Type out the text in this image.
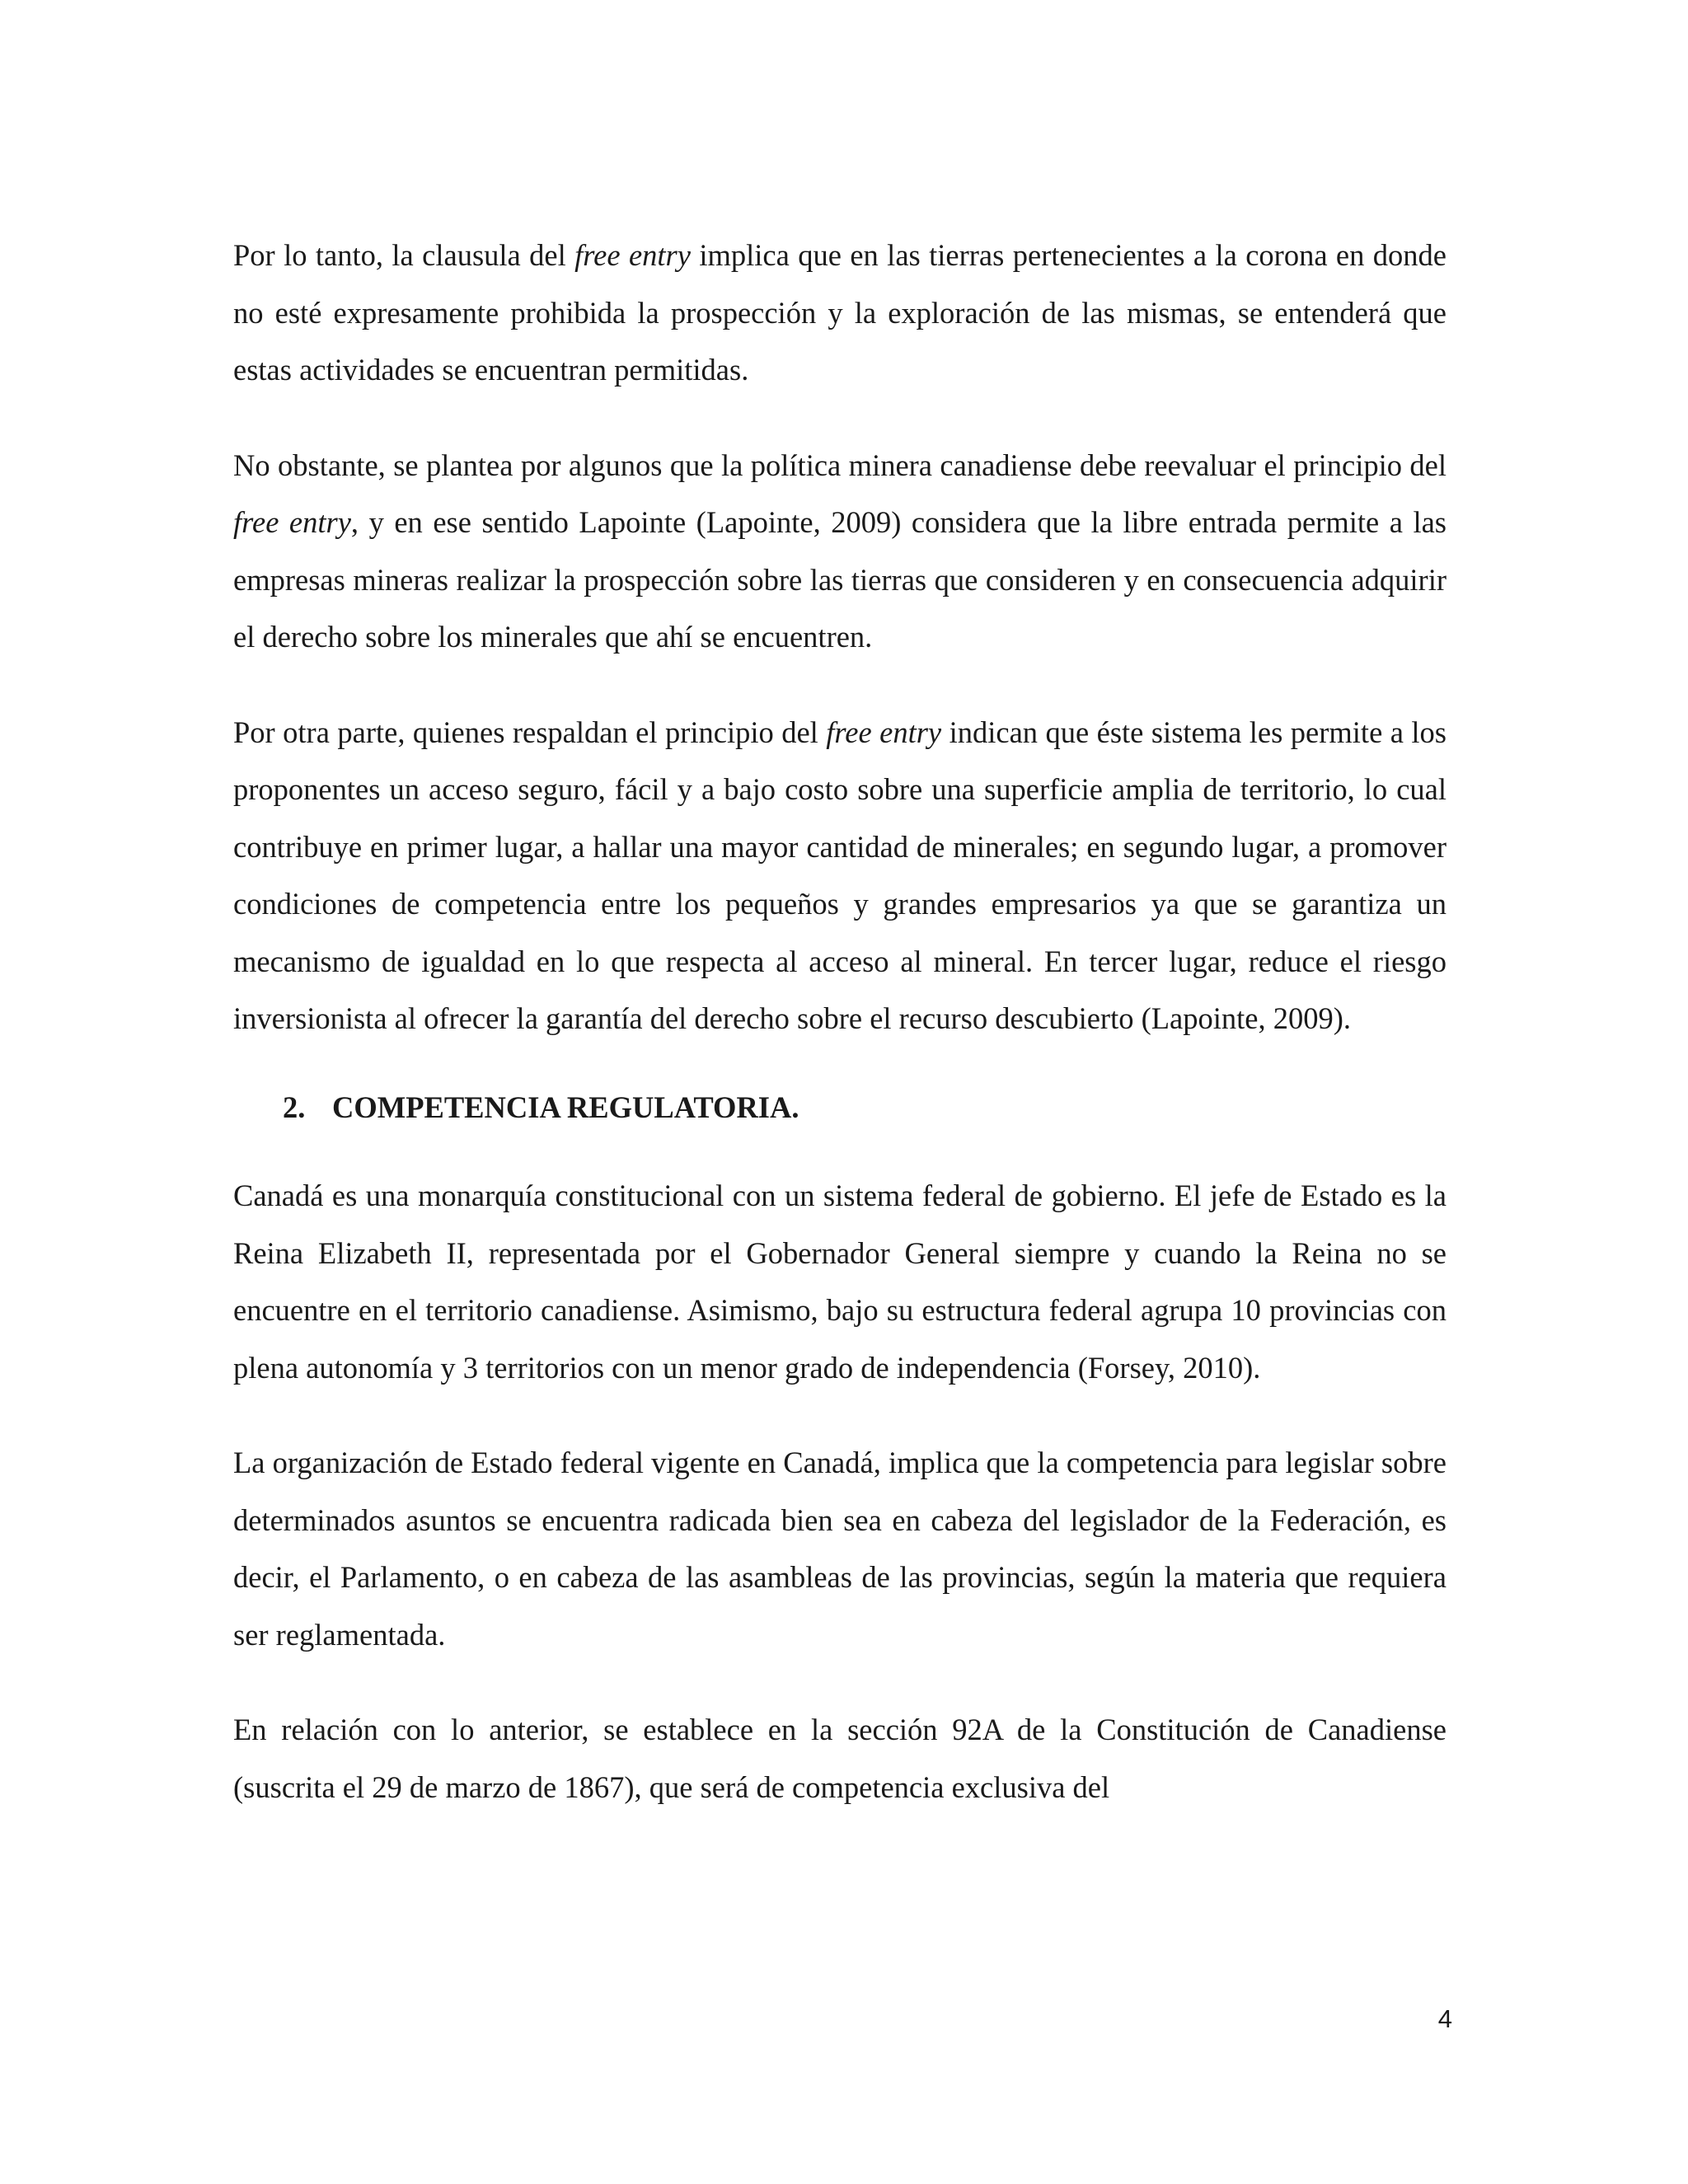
Por lo tanto, la clausula del free entry implica que en las tierras pertenecientes a la corona en donde no esté expresamente prohibida la prospección y la exploración de las mismas, se entenderá que estas actividades se encuentran permitidas.

No obstante, se plantea por algunos que la política minera canadiense debe reevaluar el principio del free entry, y en ese sentido Lapointe (Lapointe, 2009) considera que la libre entrada permite a las empresas mineras realizar la prospección sobre las tierras que consideren y en consecuencia adquirir el derecho sobre los minerales que ahí se encuentren.

Por otra parte, quienes respaldan el principio del free entry indican que éste sistema les permite a los proponentes un acceso seguro, fácil y a bajo costo sobre una superficie amplia de territorio, lo cual contribuye en primer lugar, a hallar una mayor cantidad de minerales; en segundo lugar, a promover condiciones de competencia entre los pequeños y grandes empresarios ya que se garantiza un mecanismo de igualdad en lo que respecta al acceso al mineral. En tercer lugar, reduce el riesgo inversionista al ofrecer la garantía del derecho sobre el recurso descubierto (Lapointe, 2009).

2. COMPETENCIA REGULATORIA.

Canadá es una monarquía constitucional con un sistema federal de gobierno. El jefe de Estado es la Reina Elizabeth II, representada por el Gobernador General siempre y cuando la Reina no se encuentre en el territorio canadiense. Asimismo, bajo su estructura federal agrupa 10 provincias con plena autonomía y 3 territorios con un menor grado de independencia (Forsey, 2010).

La organización de Estado federal vigente en Canadá, implica que la competencia para legislar sobre determinados asuntos se encuentra radicada bien sea en cabeza del legislador de la Federación, es decir, el Parlamento, o en cabeza de las asambleas de las provincias, según la materia que requiera ser reglamentada.

En relación con lo anterior, se establece en la sección 92A de la Constitución de Canadiense (suscrita el 29 de marzo de 1867), que será de competencia exclusiva del

4
